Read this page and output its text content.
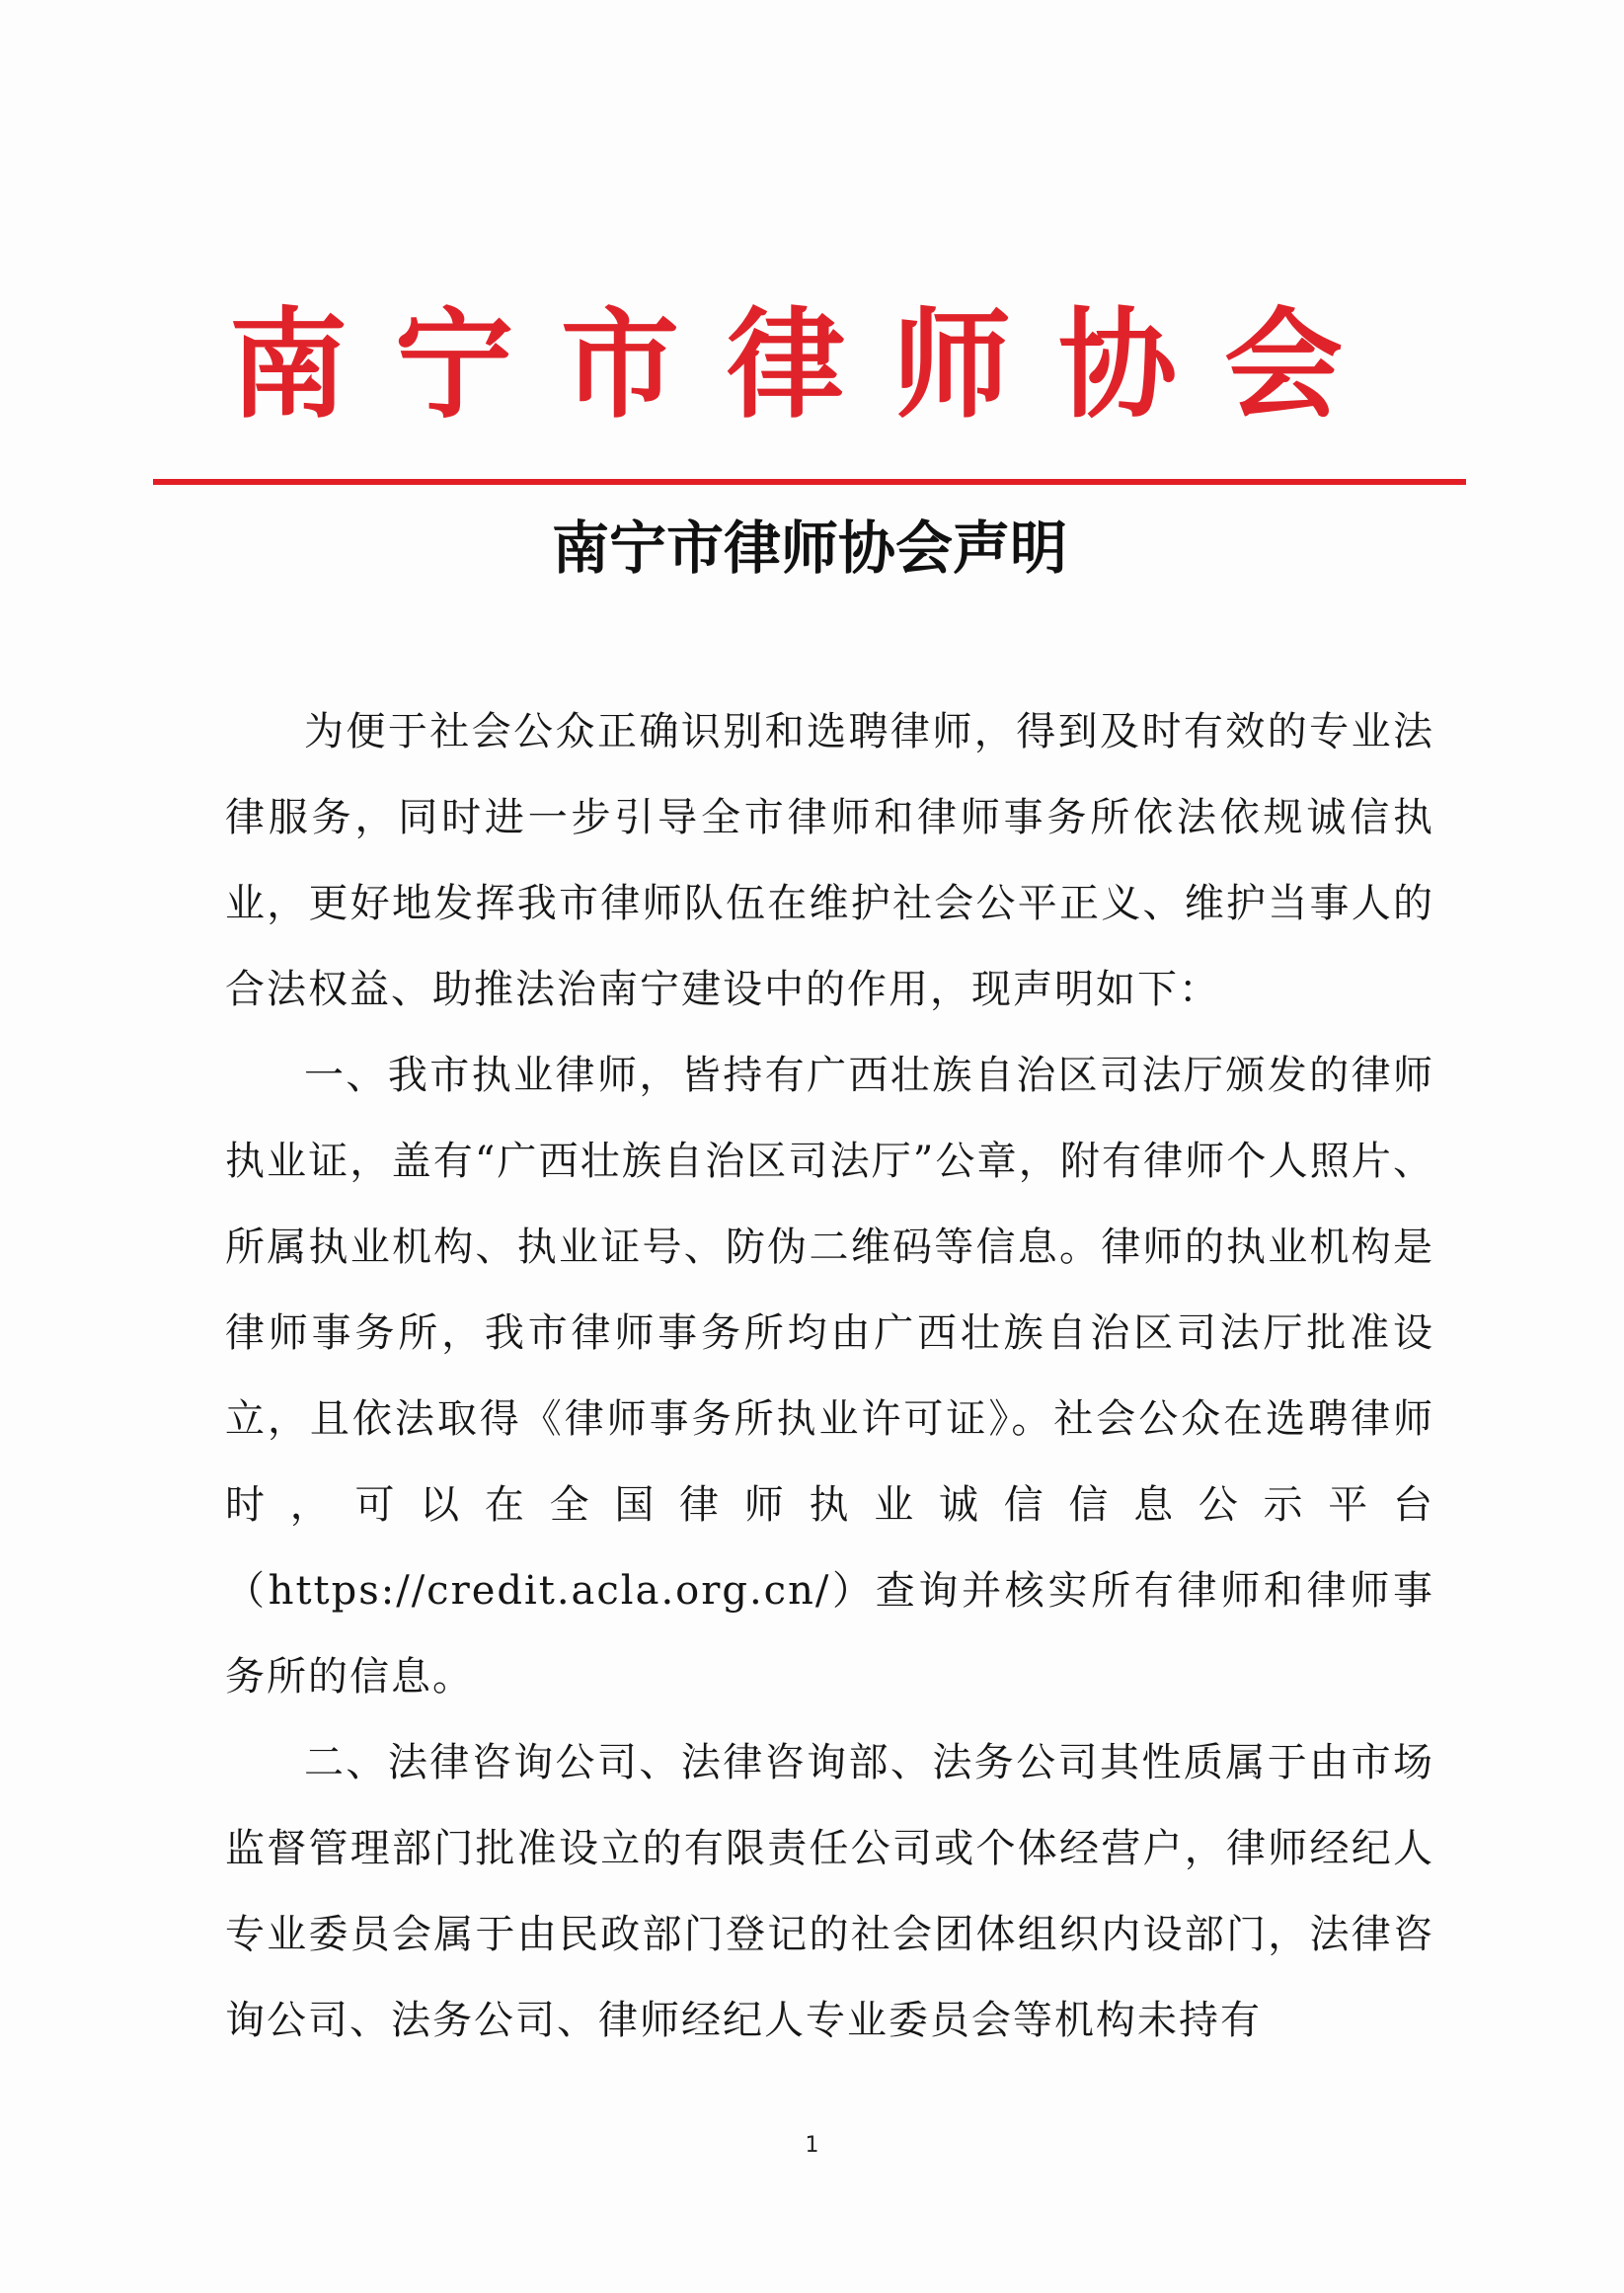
南宁市律师协会
南宁市律师协会声明

为便于社会公众正确识别和选聘律师，得到及时有效的专业法律服务，同时进一步引导全市律师和律师事务所依法依规诚信执业，更好地发挥我市律师队伍在维护社会公平正义、维护当事人的合法权益、助推法治南宁建设中的作用，现声明如下：

一、我市执业律师，皆持有广西壮族自治区司法厅颁发的律师执业证，盖有“广西壮族自治区司法厅”公章，附有律师个人照片、所属执业机构、执业证号、防伪二维码等信息。律师的执业机构是律师事务所，我市律师事务所均由广西壮族自治区司法厅批准设立，且依法取得《律师事务所执业许可证》。社会公众在选聘律师时，可以在全国律师执业诚信信息公示平台（https://credit.acla.org.cn/）查询并核实所有律师和律师事务所的信息。

二、法律咨询公司、法律咨询部、法务公司其性质属于由市场监督管理部门批准设立的有限责任公司或个体经营户，律师经纪人专业委员会属于由民政部门登记的社会团体组织内设部门，法律咨询公司、法务公司、律师经纪人专业委员会等机构未持有

1
